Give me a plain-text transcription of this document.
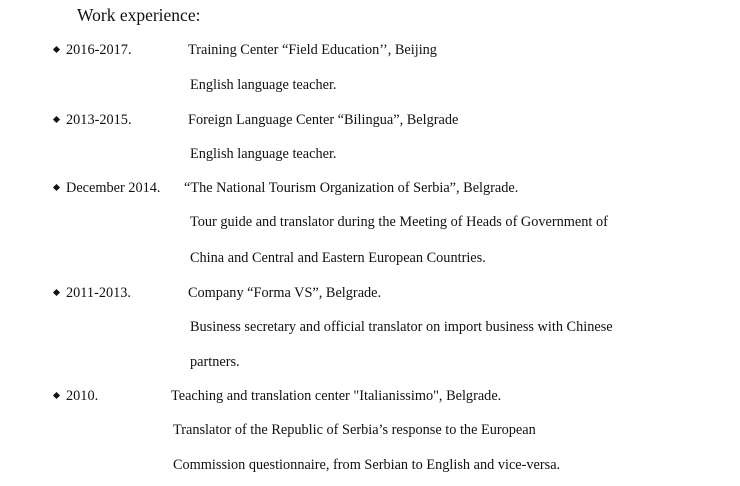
Work experience:
2016-2017.	Training Center “Field Education’’, Beijing
English language teacher.
2013-2015.	Foreign Language Center “Bilingua”, Belgrade
English language teacher.
December 2014. “The National Tourism Organization of Serbia”, Belgrade.
Tour guide and translator during the Meeting of Heads of Government of
China and Central and Eastern European Countries.
2011-2013.	Company “Forma VS”, Belgrade.
Business secretary and official translator on import business with Chinese
partners.
2010.	Teaching and translation center "Italianissimo", Belgrade.
Translator of the Republic of Serbia’s response to the European
Commission questionnaire, from Serbian to English and vice-versa.
